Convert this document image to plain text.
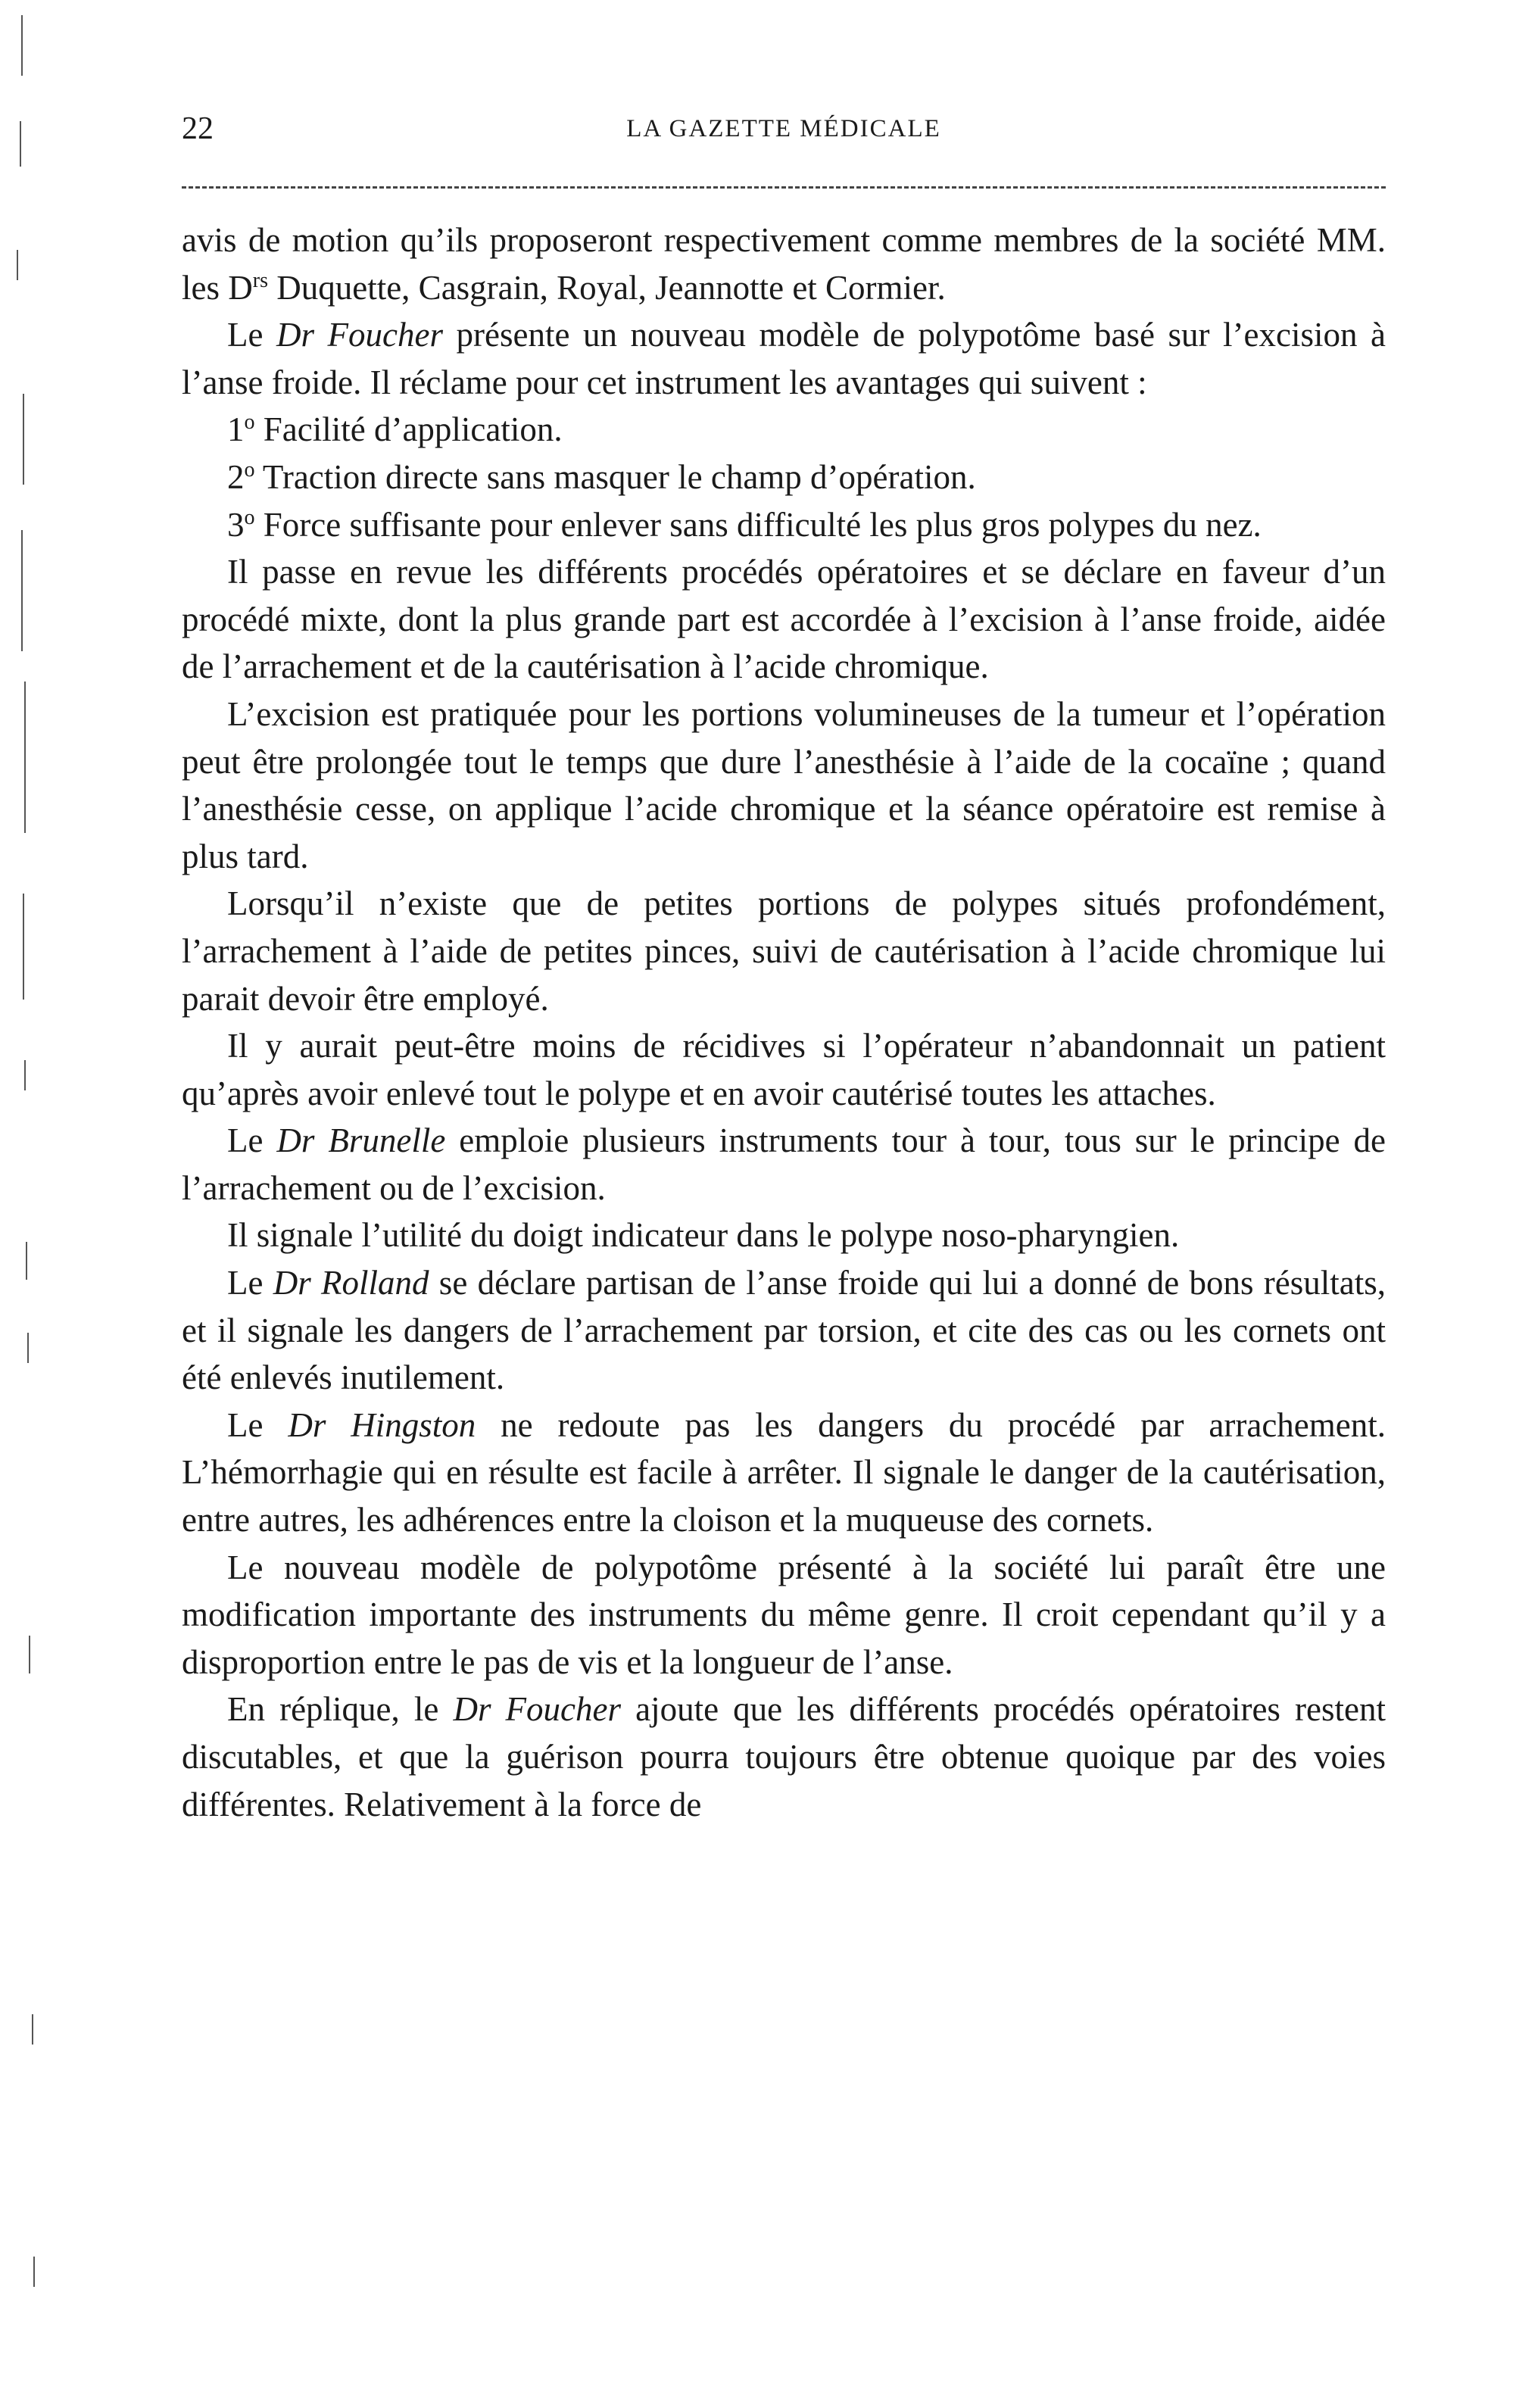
22	LA GAZETTE MÉDICALE

avis de motion qu’ils proposeront respectivement comme membres de la société MM. les $D^{rs}$ Duquette, Casgrain, Royal, Jeannotte et Cormier.

Le Dr Foucher présente un nouveau modèle de polypotôme basé sur l’excision à l’anse froide. Il réclame pour cet instrument les avantages qui suivent :

1$^o$ Facilité d’application.

2$^o$ Traction directe sans masquer le champ d’opération.

3$^o$ Force suffisante pour enlever sans difficulté les plus gros polypes du nez.

Il passe en revue les différents procédés opératoires et se déclare en faveur d’un procédé mixte, dont la plus grande part est accordée à l’excision à l’anse froide, aidée de l’arrachement et de la cautérisation à l’acide chromique.

L’excision est pratiquée pour les portions volumineuses de la tumeur et l’opération peut être prolongée tout le temps que dure l’anesthésie à l’aide de la cocaïne ; quand l’anesthésie cesse, on applique l’acide chromique et la séance opératoire est remise à plus tard.

Lorsqu’il n’existe que de petites portions de polypes situés profondément, l’arrachement à l’aide de petites pinces, suivi de cautérisation à l’acide chromique lui parait devoir être employé.

Il y aurait peut-être moins de récidives si l’opérateur n’abandonnait un patient qu’après avoir enlevé tout le polype et en avoir cautérisé toutes les attaches.

Le Dr Brunelle emploie plusieurs instruments tour à tour, tous sur le principe de l’arrachement ou de l’excision.

Il signale l’utilité du doigt indicateur dans le polype noso-pharyngien.

Le Dr Rolland se déclare partisan de l’anse froide qui lui a donné de bons résultats, et il signale les dangers de l’arrachement par torsion, et cite des cas ou les cornets ont été enlevés inutilement.

Le Dr Hingston ne redoute pas les dangers du procédé par arrachement. L’hémorrhagie qui en résulte est facile à arrêter. Il signale le danger de la cautérisation, entre autres, les adhérences entre la cloison et la muqueuse des cornets.

Le nouveau modèle de polypotôme présenté à la société lui paraît être une modification importante des instruments du même genre. Il croit cependant qu’il y a disproportion entre le pas de vis et la longueur de l’anse.

En réplique, le Dr Foucher ajoute que les différents procédés opératoires restent discutables, et que la guérison pourra toujours être obtenue quoique par des voies différentes. Relativement à la force de
